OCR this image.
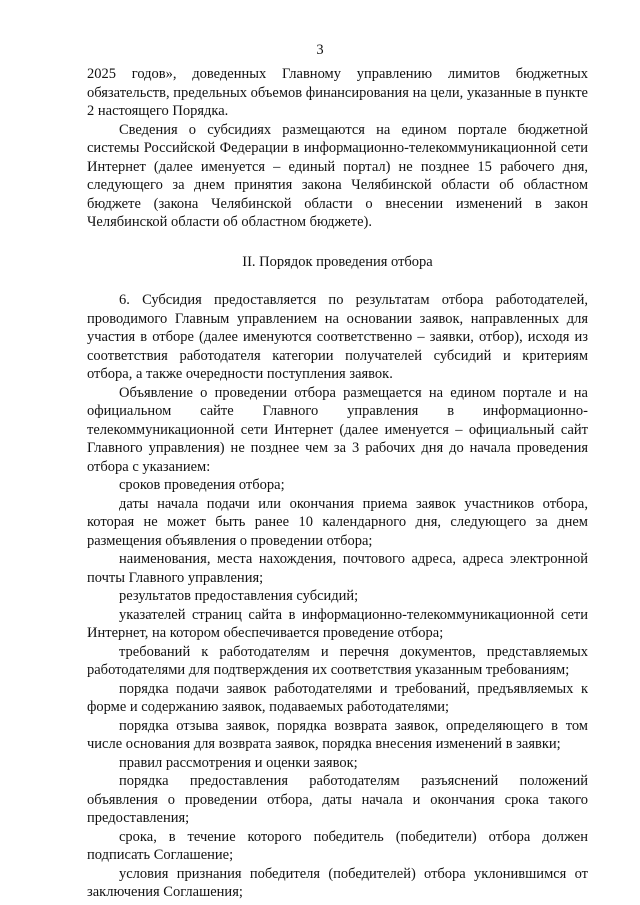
3

2025 годов», доведенных Главному управлению лимитов бюджетных обязательств, предельных объемов финансирования на цели, указанные в пункте 2 настоящего Порядка.

Сведения о субсидиях размещаются на едином портале бюджетной системы Российской Федерации в информационно-телекоммуникационной сети Интернет (далее именуется – единый портал) не позднее 15 рабочего дня, следующего за днем принятия закона Челябинской области об областном бюджете (закона Челябинской области о внесении изменений в закон Челябинской области об областном бюджете).

II. Порядок проведения отбора

6. Субсидия предоставляется по результатам отбора работодателей, проводимого Главным управлением на основании заявок, направленных для участия в отборе (далее именуются соответственно – заявки, отбор), исходя из соответствия работодателя категории получателей субсидий и критериям отбора, а также очередности поступления заявок.

Объявление о проведении отбора размещается на едином портале и на официальном сайте Главного управления в информационно-телекоммуникационной сети Интернет (далее именуется – официальный сайт Главного управления) не позднее чем за 3 рабочих дня до начала проведения отбора с указанием:

сроков проведения отбора;

даты начала подачи или окончания приема заявок участников отбора, которая не может быть ранее 10 календарного дня, следующего за днем размещения объявления о проведении отбора;

наименования, места нахождения, почтового адреса, адреса электронной почты Главного управления;

результатов предоставления субсидий;

указателей страниц сайта в информационно-телекоммуникационной сети Интернет, на котором обеспечивается проведение отбора;

требований к работодателям и перечня документов, представляемых работодателями для подтверждения их соответствия указанным требованиям;

порядка подачи заявок работодателями и требований, предъявляемых к форме и содержанию заявок, подаваемых работодателями;

порядка отзыва заявок, порядка возврата заявок, определяющего в том числе основания для возврата заявок, порядка внесения изменений в заявки;

правил рассмотрения и оценки заявок;

порядка предоставления работодателям разъяснений положений объявления о проведении отбора, даты начала и окончания срока такого предоставления;

срока, в течение которого победитель (победители) отбора должен подписать Соглашение;

условия признания победителя (победителей) отбора уклонившимся от заключения Соглашения;
